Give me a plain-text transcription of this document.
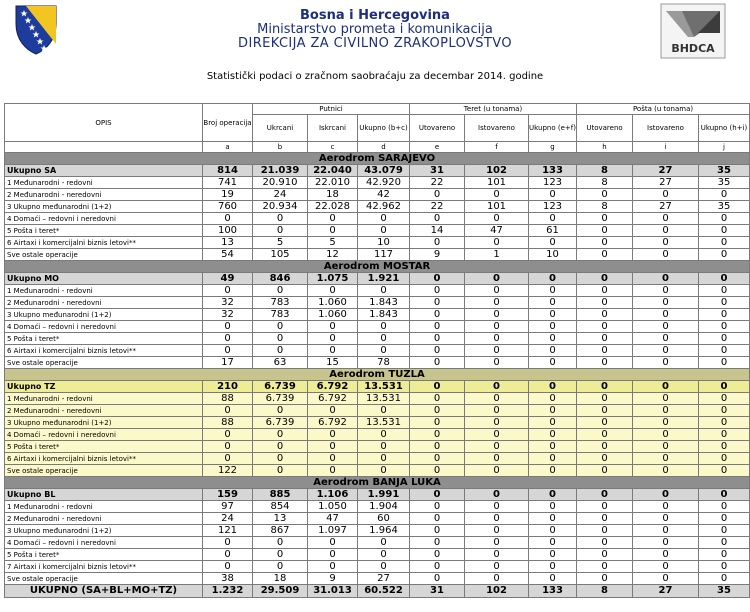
Bosna i Hercegovina
Ministarstvo prometa i komunikacija
DIREKCIJA ZA CIVILNO ZRAKOPLOVSTVO	BHDCA
Statistički podaci o zračnom saobraćaju za decembar 2014. godine
OPIS	Broj operacija	Putnici			Teret (u tonama)			Pošta (u tonama)		
		Ukrcani	Iskrcani	Ukupno (b+c)	Utovareno	Istovareno	Ukupno (e+f)	Utovareno	Istovareno	Ukupno (h+i)
	a	b	c	d	e	f	g	h	i	j
Aerodrom SARAJEVO										
Ukupno SA	814	21.039	22.040	43.079	31	102	133	8	27	35
1 Međunarodni - redovni	741	20.910	22.010	42.920	22	101	123	8	27	35
2 Međunarodni - neredovni	19	24	18	42	0	0	0	0	0	0
3 Ukupno međunarodni (1+2)	760	20.934	22.028	42.962	22	101	123	8	27	35
4 Domaći – redovni i neredovni	0	0	0	0	0	0	0	0	0	0
5 Pošta i teret*	100	0	0	0	14	47	61	0	0	0
6 Airtaxi i komercijalni biznis letovi**	13	5	5	10	0	0	0	0	0	0
Sve ostale operacije	54	105	12	117	9	1	10	0	0	0
Aerodrom MOSTAR										
Ukupno MO	49	846	1.075	1.921	0	0	0	0	0	0
1 Međunarodni - redovni	0	0	0	0	0	0	0	0	0	0
2 Međunarodni - neredovni	32	783	1.060	1.843	0	0	0	0	0	0
3 Ukupno međunarodni (1+2)	32	783	1.060	1.843	0	0	0	0	0	0
4 Domaći – redovni i neredovni	0	0	0	0	0	0	0	0	0	0
5 Pošta i teret*	0	0	0	0	0	0	0	0	0	0
6 Airtaxi i komercijalni biznis letovi**	0	0	0	0	0	0	0	0	0	0
Sve ostale operacije	17	63	15	78	0	0	0	0	0	0
Aerodrom TUZLA										
Ukupno TZ	210	6.739	6.792	13.531	0	0	0	0	0	0
1 Međunarodni - redovni	88	6.739	6.792	13.531	0	0	0	0	0	0
2 Međunarodni - neredovni	0	0	0	0	0	0	0	0	0	0
3 Ukupno međunarodni (1+2)	88	6.739	6.792	13.531	0	0	0	0	0	0
4 Domaći – redovni i neredovni	0	0	0	0	0	0	0	0	0	0
5 Pošta i teret*	0	0	0	0	0	0	0	0	0	0
6 Airtaxi i komercijalni biznis letovi**	0	0	0	0	0	0	0	0	0	0
Sve ostale operacije	122	0	0	0	0	0	0	0	0	0
Aerodrom BANJA LUKA										
Ukupno BL	159	885	1.106	1.991	0	0	0	0	0	0
1 Međunarodni - redovni	97	854	1.050	1.904	0	0	0	0	0	0
2 Međunarodni - neredovni	24	13	47	60	0	0	0	0	0	0
3 Ukupno međunarodni (1+2)	121	867	1.097	1.964	0	0	0	0	0	0
4 Domaći – redovni i neredovni	0	0	0	0	0	0	0	0	0	0
5 Pošta i teret*	0	0	0	0	0	0	0	0	0	0
7 Airtaxi i komercijalni biznis letovi**	0	0	0	0	0	0	0	0	0	0
Sve ostale operacije	38	18	9	27	0	0	0	0	0	0
UKUPNO (SA+BL+MO+TZ)	1.232	29.509	31.013	60.522	31	102	133	8	27	35
